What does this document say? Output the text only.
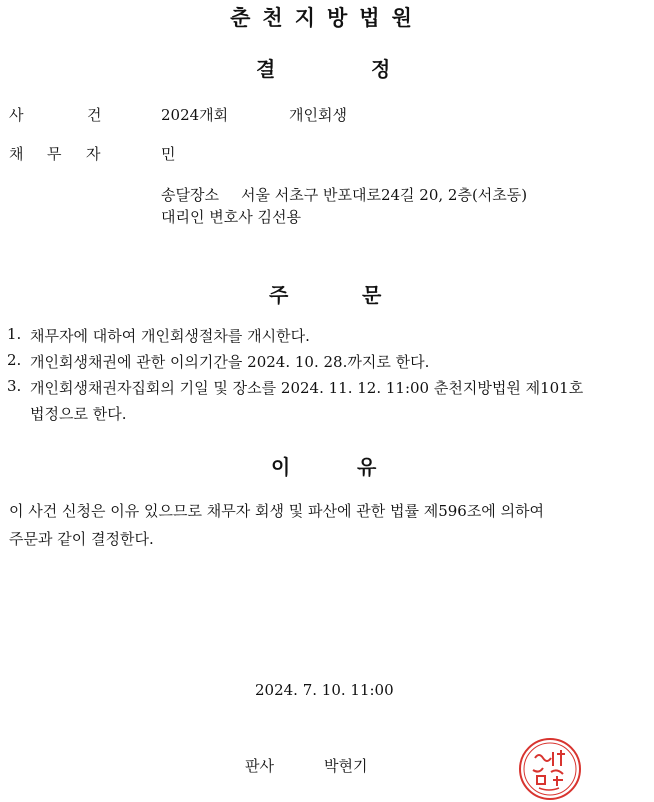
춘천지방법원
결	정
사	건	2024개회	개인회생
채 무 자	민
송달장소 서울 서초구 반포대로24길 20, 2층(서초동)
대리인 변호사 김선용
주	문
1. 채무자에 대하여 개인회생절차를 개시한다.
2. 개인회생채권에 관한 이의기간을 2024. 10. 28.까지로 한다.
3. 개인회생채권자집회의 기일 및 장소를 2024. 11. 12. 11:00 춘천지방법원 제101호
법정으로 한다.
이	유
이 사건 신청은 이유 있으므로 채무자 회생 및 파산에 관한 법률 제596조에 의하여
주문과 같이 결정한다.
2024. 7. 10. 11:00
판사	박현기
